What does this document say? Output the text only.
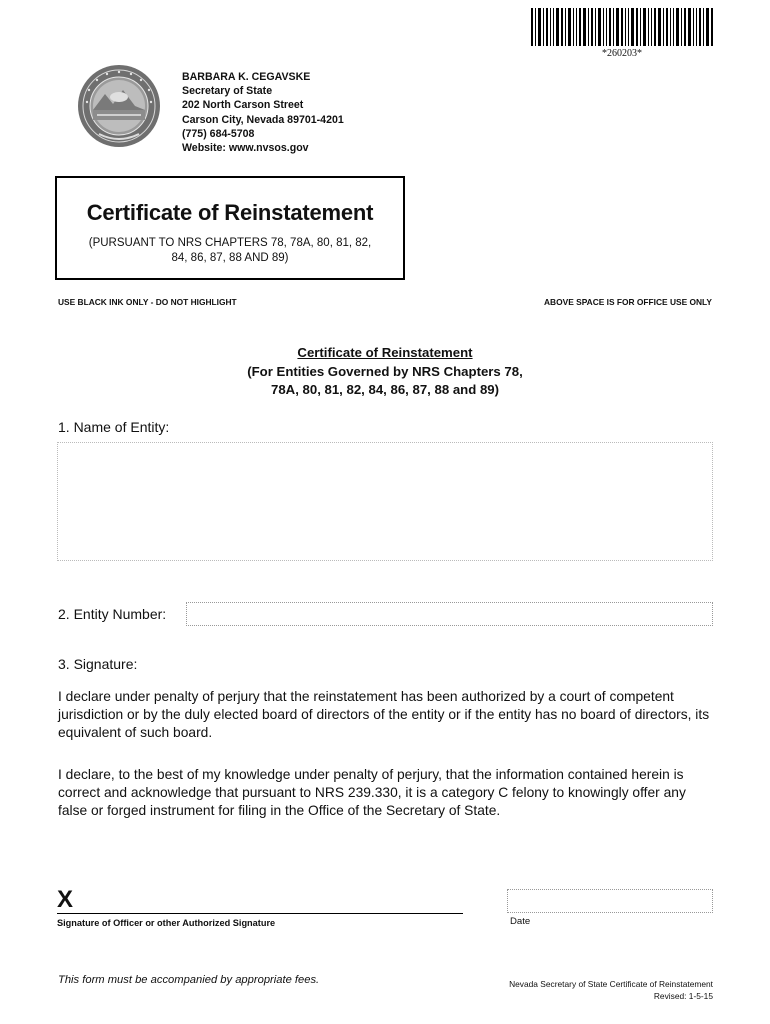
*260203*
BARBARA K. CEGAVSKE
Secretary of State
202 North Carson Street
Carson City, Nevada 89701-4201
(775) 684-5708
Website: www.nvsos.gov
Certificate of Reinstatement
(PURSUANT TO NRS CHAPTERS 78, 78A, 80, 81, 82, 84, 86, 87, 88 AND 89)
USE BLACK INK ONLY - DO NOT HIGHLIGHT	ABOVE SPACE IS FOR OFFICE USE ONLY
Certificate of Reinstatement
(For Entities Governed by NRS Chapters 78,
78A, 80, 81, 82, 84, 86, 87, 88 and 89)
1. Name of Entity:
2. Entity Number:
3. Signature:
I declare under penalty of perjury that the reinstatement has been authorized by a court of competent jurisdiction or by the duly elected board of directors of the entity or if the entity has no board of directors, its equivalent of such board.
I declare, to the best of my knowledge under penalty of perjury, that the information contained herein is correct and acknowledge that pursuant to NRS 239.330, it is a category C felony to knowingly offer any false or forged instrument for filing in the Office of the Secretary of State.
X
Signature of Officer or other Authorized Signature	Date
This form must be accompanied by appropriate fees.	Nevada Secretary of State Certificate of Reinstatement
Revised: 1-5-15
